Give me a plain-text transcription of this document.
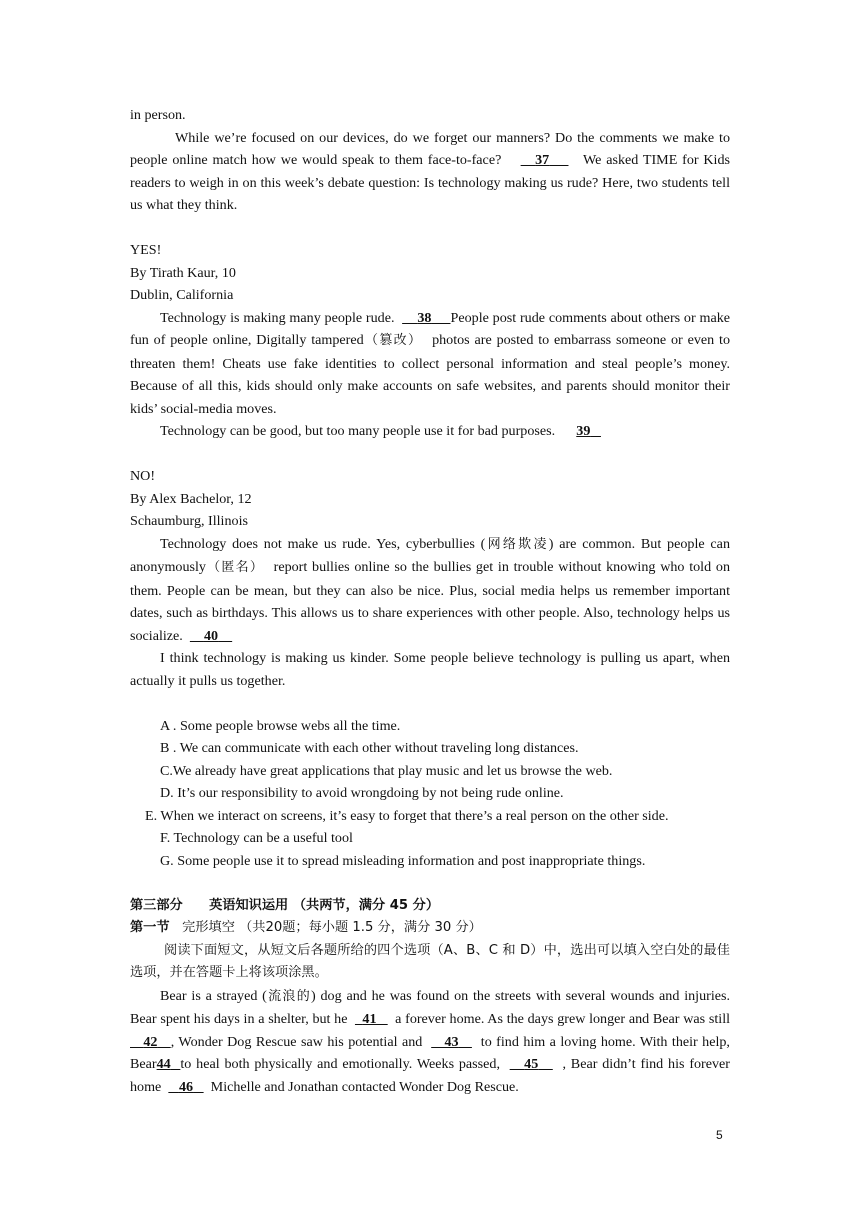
in person.

While we’re focused on our devices, do we forget our manners? Do the comments we make to people online match how we would speak to them face-to-face? 37 We asked TIME for Kids readers to weigh in on this week’s debate question: Is technology making us rude? Here, two students tell us what they think.

YES!

By Tirath Kaur, 10

Dublin, California

Technology is making many people rude. 38 People post rude comments about others or make fun of people online, Digitally tampered（篡改） photos are posted to embarrass someone or even to threaten them! Cheats use fake identities to collect personal information and steal people’s money. Because of all this, kids should only make accounts on safe websites, and parents should monitor their kids’ social-media moves.

Technology can be good, but too many people use it for bad purposes. 39

NO!

By Alex Bachelor, 12

Schaumburg, Illinois

Technology does not make us rude. Yes, cyberbullies (网络欺凌) are common. But people can anonymously（匿名） report bullies online so the bullies get in trouble without knowing who told on them. People can be mean, but they can also be nice. Plus, social media helps us remember important dates, such as birthdays. This allows us to share experiences with other people. Also, technology helps us socialize. 40

I think technology is making us kinder. Some people believe technology is pulling us apart, when actually it pulls us together.

A . Some people browse webs all the time.

B . We can communicate with each other without traveling long distances.

C.We already have great applications that play music and let us browse the web.

D. It’s our responsibility to avoid wrongdoing by not being rude online.

E. When we interact on screens, it’s easy to forget that there’s a real person on the other side.

F. Technology can be a useful tool

G. Some people use it to spread misleading information and post inappropriate things.

第三部分　　英语知识运用 （共两节，满分 45 分）

第一节 完形填空 （共20题；每小题 1.5 分，满分 30 分）

阅读下面短文，从短文后各题所给的四个选项（A、B、C 和 D）中，选出可以填入空白处的最佳选项，并在答题卡上将该项涂黑。

Bear is a strayed (流浪的) dog and he was found on the streets with several wounds and injuries. Bear spent his days in a shelter, but he 41 a forever home. As the days grew longer and Bear was still   42 , Wonder Dog Rescue saw his potential and 43 to find him a loving home. With their help, Bear44 to heal both physically and emotionally. Weeks passed, 45 , Bear didn’t find his forever home 46 Michelle and Jonathan contacted Wonder Dog Rescue.

5
